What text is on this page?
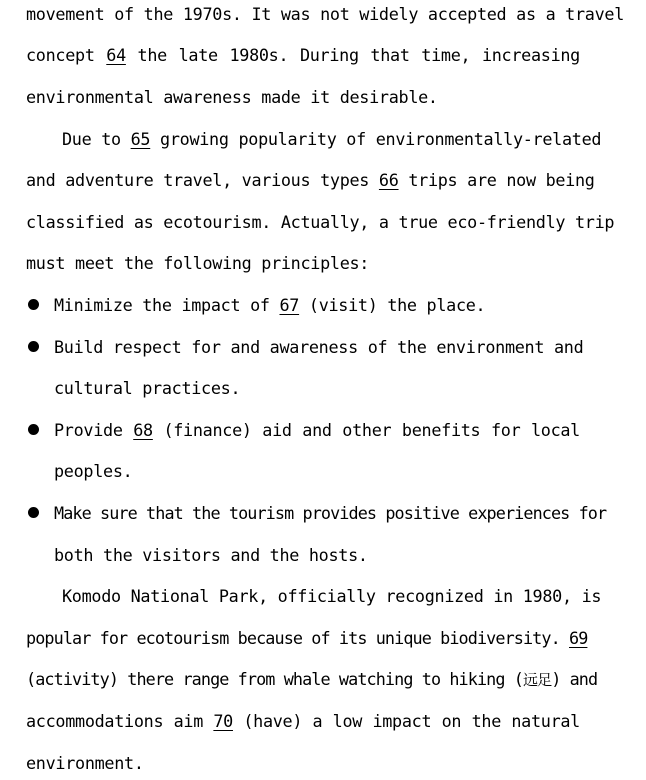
movement of the 1970s. It was not widely accepted as a travel
concept 64 the late 1980s. During that time, increasing
environmental awareness made it desirable.
Due to 65 growing popularity of environmentally-related
and adventure travel, various types 66 trips are now being
classified as ecotourism. Actually, a true eco-friendly trip
must meet the following principles:
Minimize the impact of 67 (visit) the place.
Build respect for and awareness of the environment and
cultural practices.
Provide 68 (finance) aid and other benefits for local
peoples.
Make sure that the tourism provides positive experiences for
both the visitors and the hosts.
Komodo National Park, officially recognized in 1980, is
popular for ecotourism because of its unique biodiversity. 69
(activity) there range from whale watching to hiking (远足) and
accommodations aim 70 (have) a low impact on the natural
environment.
